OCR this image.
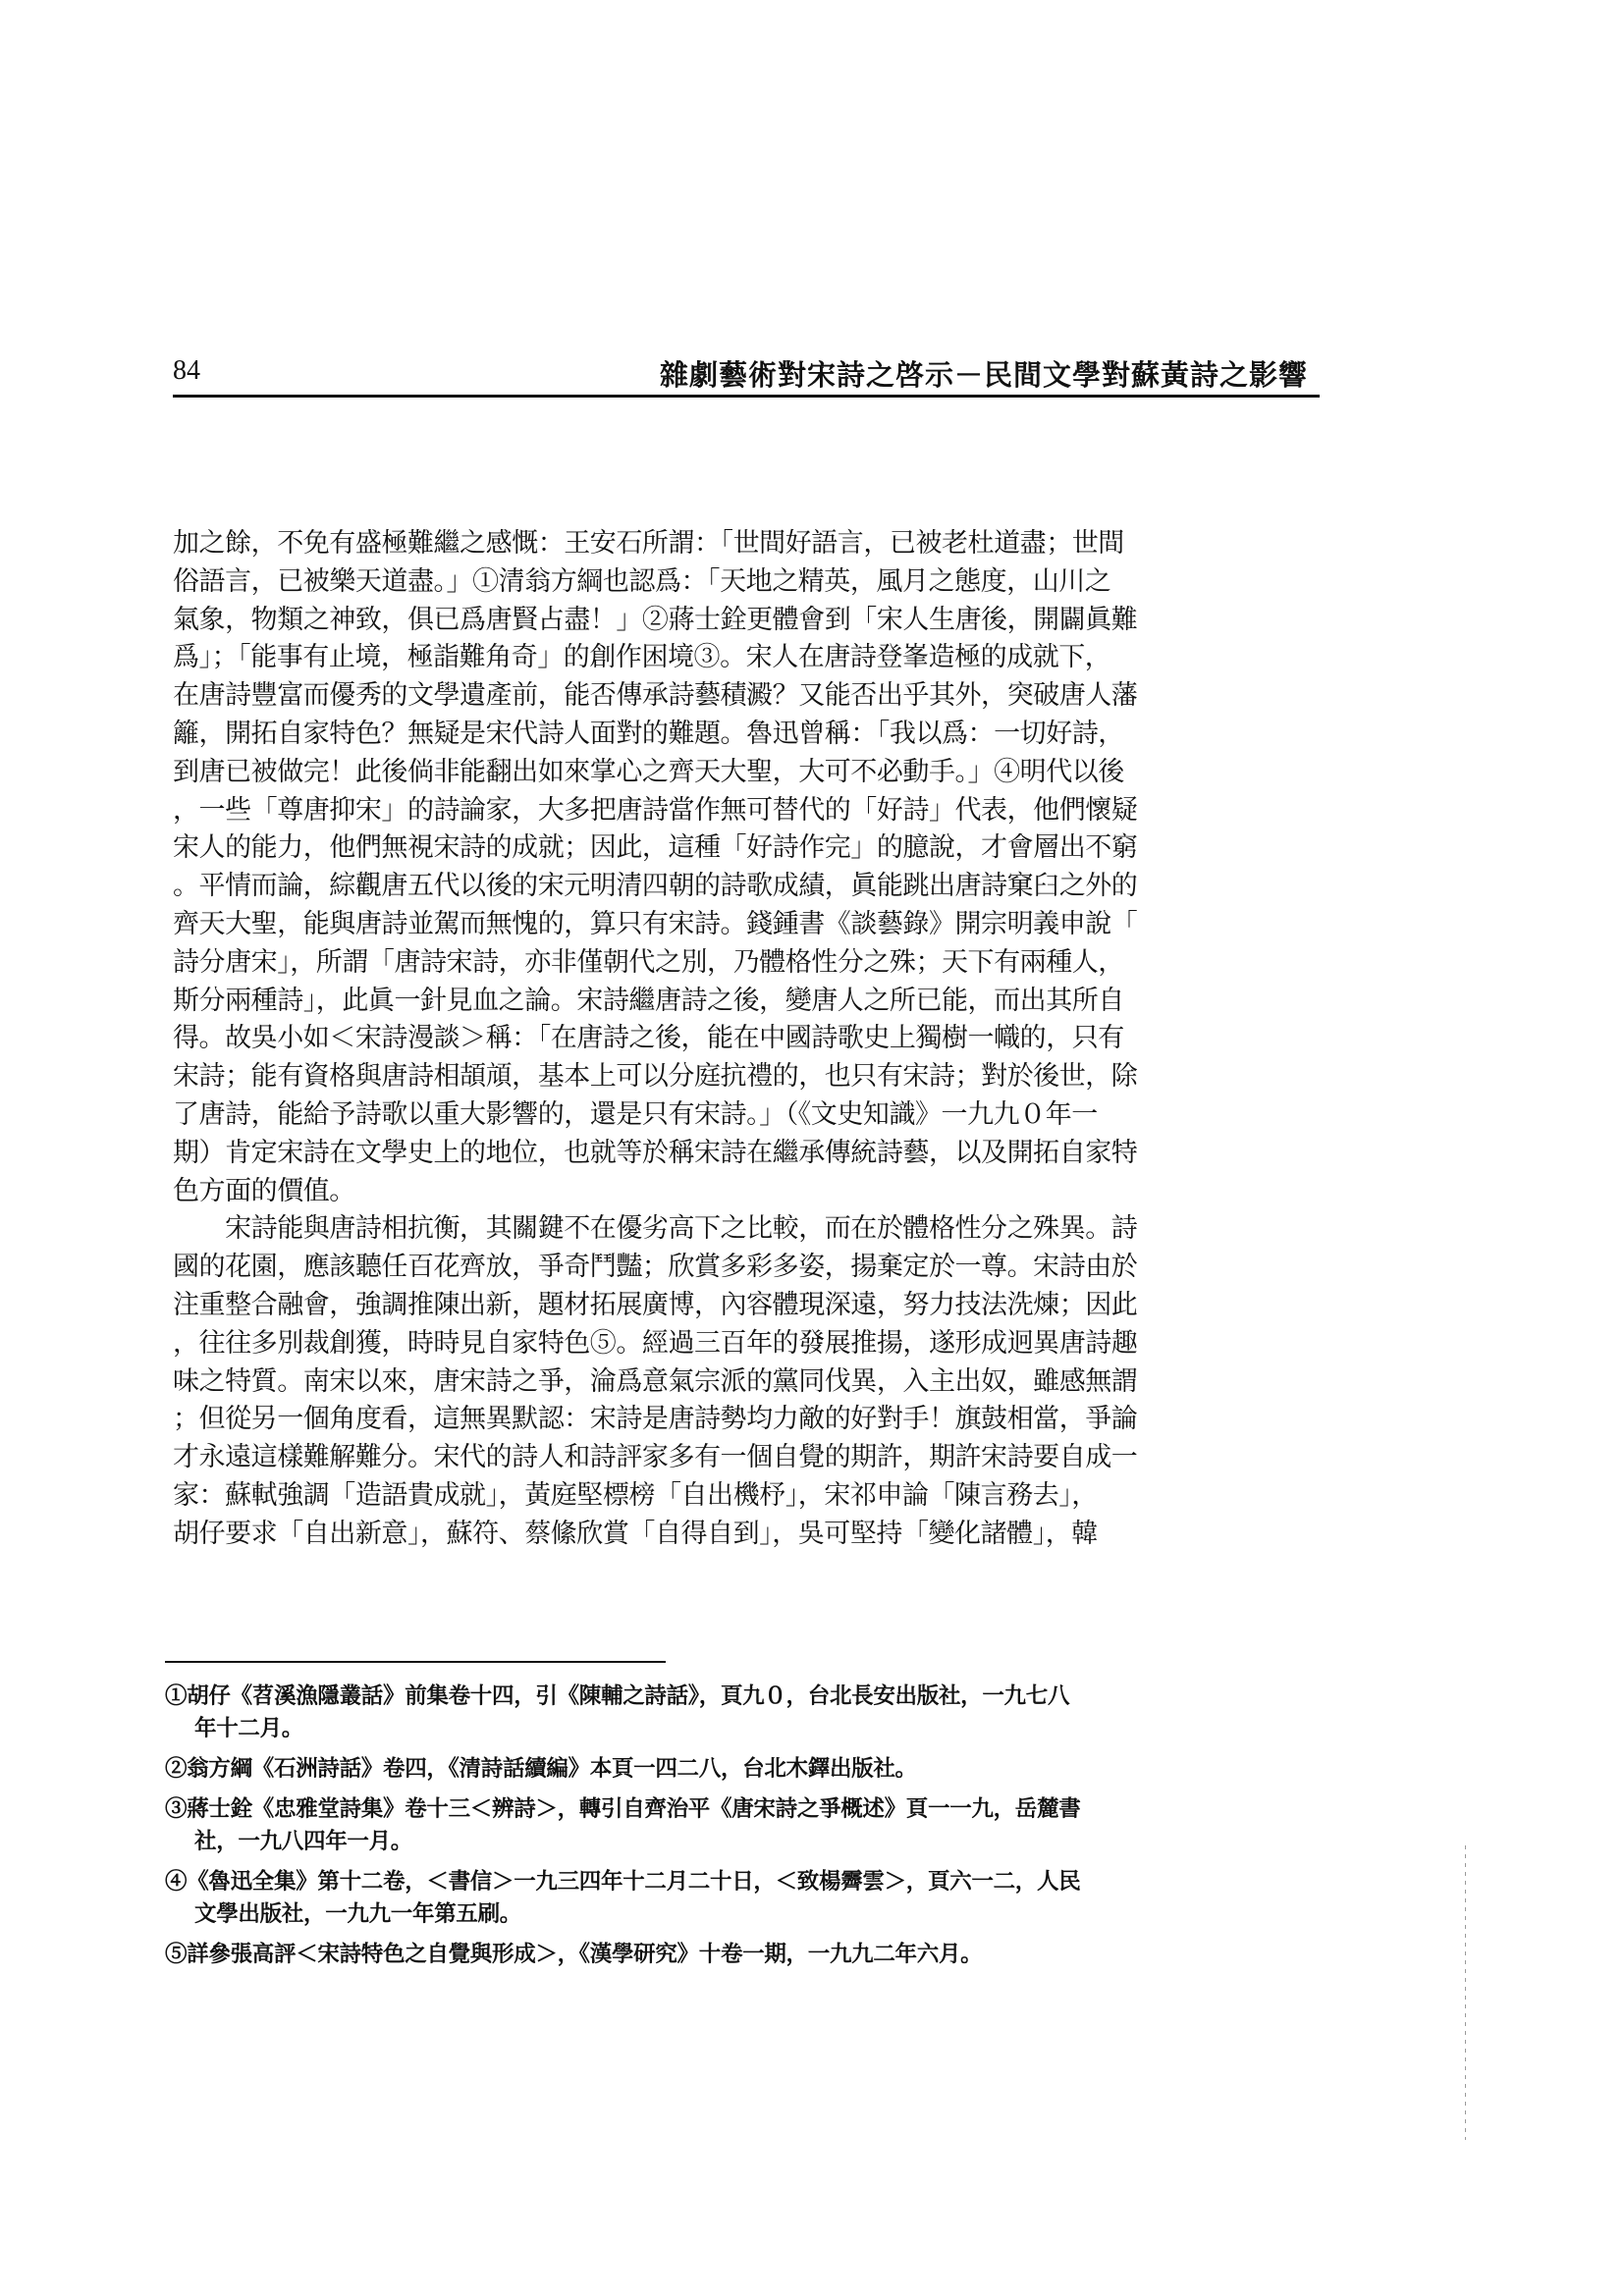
84	雜劇藝術對宋詩之啓示－民間文學對蘇黃詩之影響
加之餘，不免有盛極難繼之感慨：王安石所謂：「世間好語言，已被老杜道盡；世間
俗語言，已被樂天道盡。」①清翁方綱也認爲：「天地之精英，風月之態度，山川之
氣象，物類之神致，俱已爲唐賢占盡！」②蔣士銓更體會到「宋人生唐後，開闢眞難
爲」；「能事有止境，極詣難角奇」的創作困境③。宋人在唐詩登峯造極的成就下，
在唐詩豐富而優秀的文學遺產前，能否傳承詩藝積澱？又能否出乎其外，突破唐人藩
籬，開拓自家特色？無疑是宋代詩人面對的難題。魯迅曾稱：「我以爲：一切好詩，
到唐已被做完！此後倘非能翻出如來掌心之齊天大聖，大可不必動手。」④明代以後
，一些「尊唐抑宋」的詩論家，大多把唐詩當作無可替代的「好詩」代表，他們懷疑
宋人的能力，他們無視宋詩的成就；因此，這種「好詩作完」的臆說，才會層出不窮
。平情而論，綜觀唐五代以後的宋元明清四朝的詩歌成績，眞能跳出唐詩窠臼之外的
齊天大聖，能與唐詩並駕而無愧的，算只有宋詩。錢鍾書《談藝錄》開宗明義申說「
詩分唐宋」，所謂「唐詩宋詩，亦非僅朝代之別，乃體格性分之殊；天下有兩種人，
斯分兩種詩」，此眞一針見血之論。宋詩繼唐詩之後，變唐人之所已能，而出其所自
得。故吳小如＜宋詩漫談＞稱：「在唐詩之後，能在中國詩歌史上獨樹一幟的，只有
宋詩；能有資格與唐詩相頡頏，基本上可以分庭抗禮的，也只有宋詩；對於後世，除
了唐詩，能給予詩歌以重大影響的，還是只有宋詩。」（《文史知識》一九九０年一
期）肯定宋詩在文學史上的地位，也就等於稱宋詩在繼承傳統詩藝，以及開拓自家特
色方面的價值。
　　宋詩能與唐詩相抗衡，其關鍵不在優劣高下之比較，而在於體格性分之殊異。詩
國的花園，應該聽任百花齊放，爭奇鬥豔；欣賞多彩多姿，揚棄定於一尊。宋詩由於
注重整合融會，強調推陳出新，題材拓展廣博，內容體現深遠，努力技法洗煉；因此
，往往多別裁創獲，時時見自家特色⑤。經過三百年的發展推揚，遂形成迥異唐詩趣
味之特質。南宋以來，唐宋詩之爭，淪爲意氣宗派的黨同伐異，入主出奴，雖感無謂
；但從另一個角度看，這無異默認：宋詩是唐詩勢均力敵的好對手！旗鼓相當，爭論
才永遠這樣難解難分。宋代的詩人和詩評家多有一個自覺的期許，期許宋詩要自成一
家：蘇軾強調「造語貴成就」，黃庭堅標榜「自出機杼」，宋祁申論「陳言務去」，
胡仔要求「自出新意」，蘇符、蔡絛欣賞「自得自到」，吳可堅持「變化諸體」，韓
①胡仔《苕溪漁隱叢話》前集卷十四，引《陳輔之詩話》，頁九０，台北長安出版社，一九七八
年十二月。
②翁方綱《石洲詩話》卷四，《清詩話續編》本頁一四二八，台北木鐸出版社。
③蔣士銓《忠雅堂詩集》卷十三＜辨詩＞，轉引自齊治平《唐宋詩之爭概述》頁一一九，岳麓書
社，一九八四年一月。
④《魯迅全集》第十二卷，＜書信＞一九三四年十二月二十日，＜致楊霽雲＞，頁六一二，人民
文學出版社，一九九一年第五刷。
⑤詳參張高評＜宋詩特色之自覺與形成＞，《漢學研究》十卷一期，一九九二年六月。
